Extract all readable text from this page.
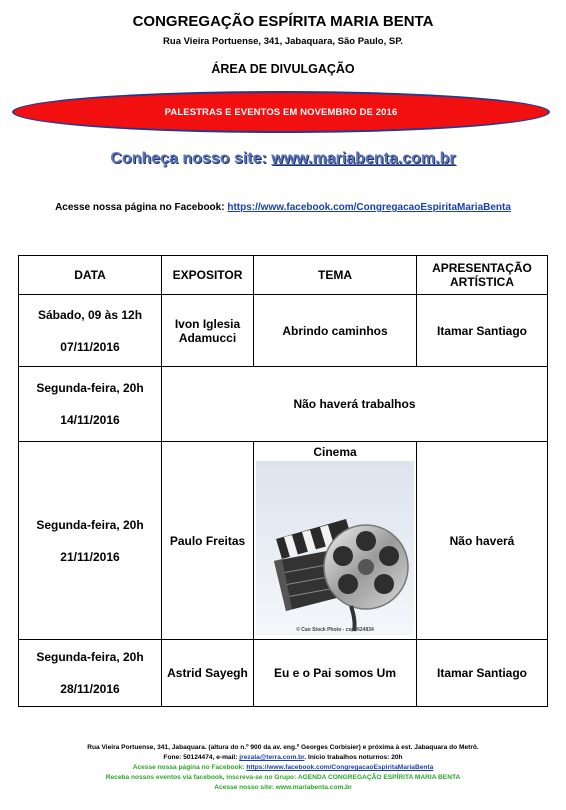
CONGREGAÇÃO ESPÍRITA MARIA BENTA
Rua Vieira Portuense, 341, Jabaquara, São Paulo, SP.
ÁREA DE DIVULGAÇÃO
PALESTRAS E EVENTOS EM NOVEMBRO DE 2016
Conheça nosso site: www.mariabenta.com.br
Acesse nossa página no Facebook: https://www.facebook.com/CongregacaoEspiritaMariaBenta
DATA	EXPOSITOR	TEMA	APRESENTAÇÃO ARTÍSTICA

Sábado, 09 às 12h
07/11/2016	Ivon Iglesia Adamucci	Abrindo caminhos	Itamar Santiago

Segunda-feira, 20h
14/11/2016	Não haverá trabalhos		

Segunda-feira, 20h
21/11/2016	Paulo Freitas	Cinema
© Can Stock Photo - csp0624834	Não haverá

Segunda-feira, 20h
28/11/2016	Astrid Sayegh	Eu e o Pai somos Um	Itamar Santiago
Rua Vieira Portuense, 341, Jabaquara. (altura do n.º 900 da av. eng.º Georges Corbisier) e próxima à est. Jabaquara do Metrô.
Fone: 50124474, e-mail: jrezala@terra.com.br. Inicio trabalhos noturnos: 20h
Acesse nossa página no Facebook: https://www.facebook.com/CongregacaoEspiritaMariaBenta
Receba nossos eventos via facebook, inscreva-se no Grupo: AGENDA CONGREGAÇÃO ESPÍRITA MARIA BENTA
Acesse nosso site: www.mariabenta.com.br
